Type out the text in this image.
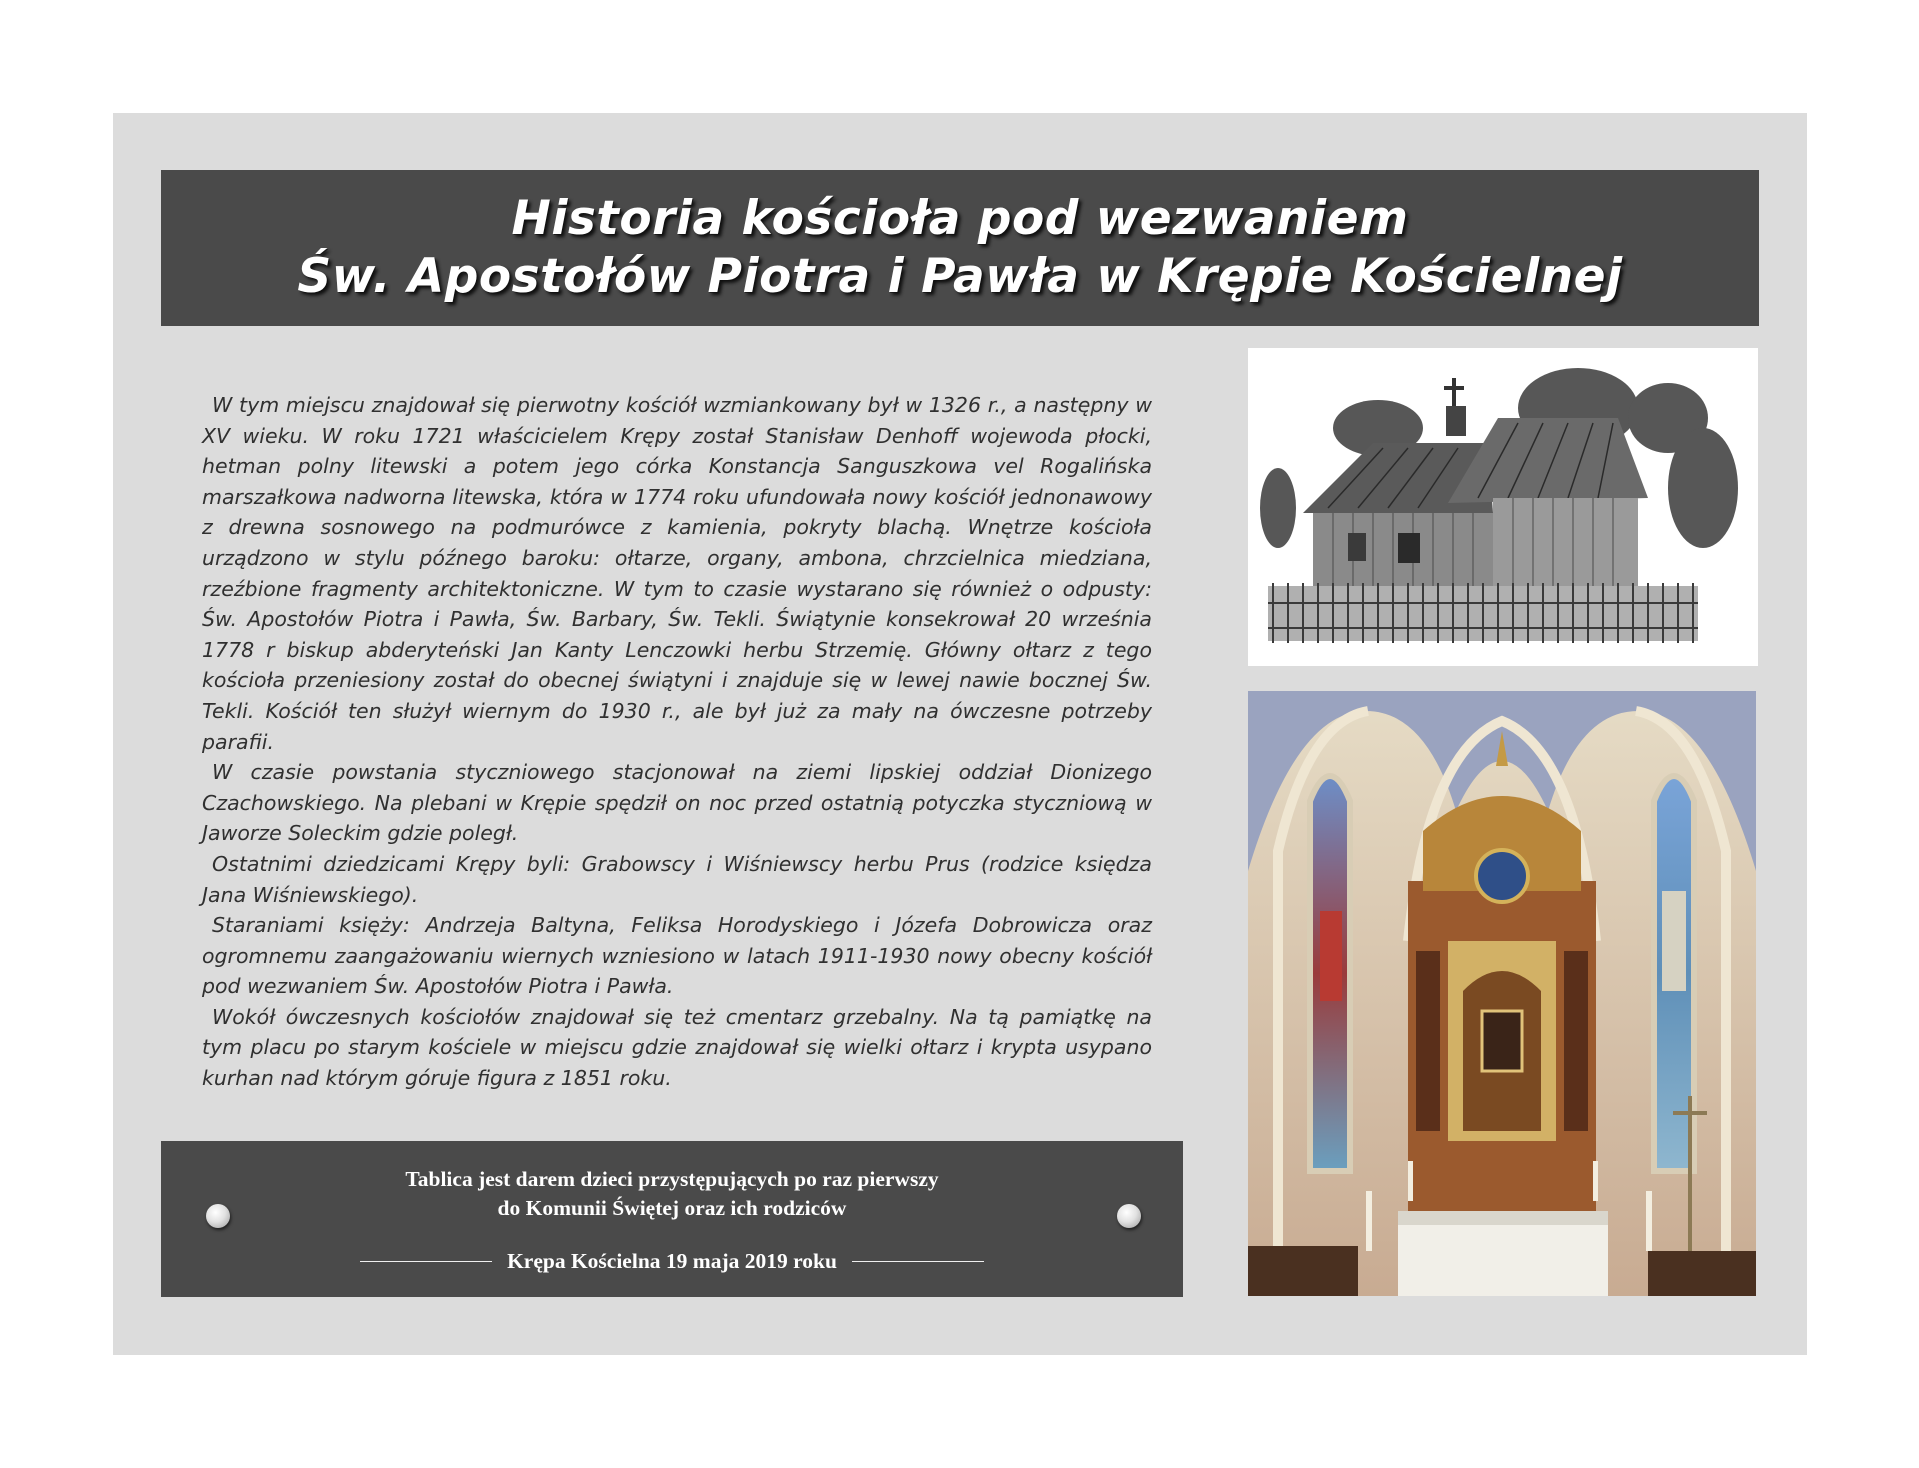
Historia kościoła pod wezwaniem
Św. Apostołów Piotra i Pawła w Krępie Kościelnej

W tym miejscu znajdował się pierwotny kościół wzmiankowany był w 1326 r., a następny w XV wieku. W roku 1721 właścicielem Krępy został Stanisław Denhoff wojewoda płocki, hetman polny litewski a potem jego córka Konstancja Sanguszkowa vel Rogalińska marszałkowa nadworna litewska, która w 1774 roku ufundowała nowy kościół jednonawowy z drewna sosnowego na podmurówce z kamienia, pokryty blachą. Wnętrze kościoła urządzono w stylu późnego baroku: ołtarze, organy, ambona, chrzcielnica miedziana, rzeźbione fragmenty architektoniczne. W tym to czasie wystarano się również o odpusty: Św. Apostołów Piotra i Pawła, Św. Barbary, Św. Tekli. Świątynie konsekrował 20 września 1778 r biskup abderyteński Jan Kanty Lenczowki herbu Strzemię. Główny ołtarz z tego kościoła przeniesiony został do obecnej świątyni i znajduje się w lewej nawie bocznej Św. Tekli. Kościół ten służył wiernym do 1930 r., ale był już za mały na ówczesne potrzeby parafii.

W czasie powstania styczniowego stacjonował na ziemi lipskiej oddział Dionizego Czachowskiego. Na plebani w Krępie spędził on noc przed ostatnią potyczka styczniową w Jaworze Soleckim gdzie poległ.

Ostatnimi dziedzicami Krępy byli: Grabowscy i Wiśniewscy herbu Prus (rodzice księdza Jana Wiśniewskiego).

Staraniami księży: Andrzeja Baltyna, Feliksa Horodyskiego i Józefa Dobrowicza oraz ogromnemu zaangażowaniu wiernych wzniesiono w latach 1911-1930 nowy obecny kościół pod wezwaniem Św. Apostołów Piotra i Pawła.

Wokół ówczesnych kościołów znajdował się też cmentarz grzebalny. Na tą pamiątkę na tym placu po starym kościele w miejscu gdzie znajdował się wielki ołtarz i krypta usypano kurhan nad którym góruje figura z 1851 roku.

Tablica jest darem dzieci przystępujących po raz pierwszy
do Komunii Świętej oraz ich rodziców
Krępa Kościelna 19 maja 2019 roku
